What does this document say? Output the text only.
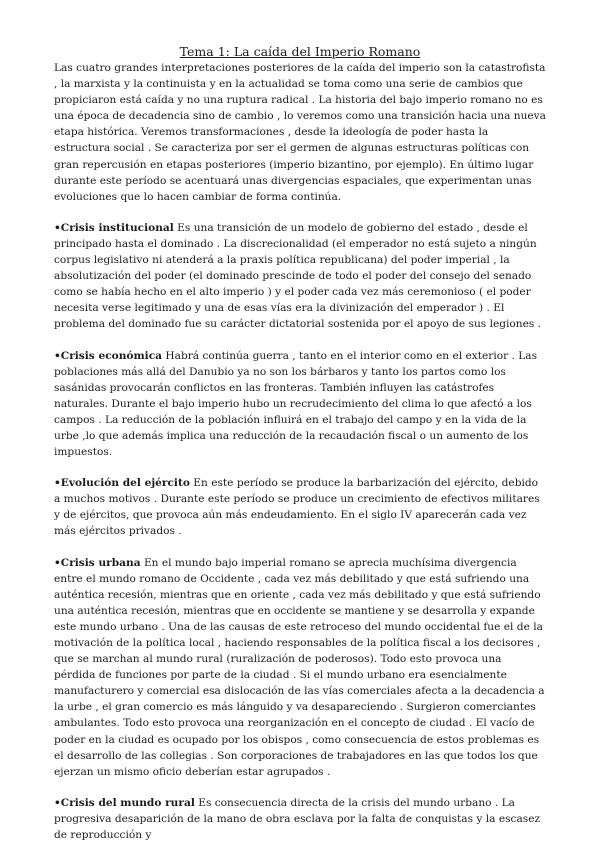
Tema 1: La caída del Imperio Romano

Las cuatro grandes interpretaciones posteriores de la caída del imperio son la catastrofista , la marxista y la continuista y en la actualidad se toma como una serie de cambios que propiciaron está caída y no una ruptura radical . La historia del bajo imperio romano no es una época de decadencia sino de cambio , lo veremos como una transición hacia una nueva etapa histórica. Veremos transformaciones , desde la ideología de poder hasta la estructura social . Se caracteriza por ser el germen de algunas estructuras políticas con gran repercusión en etapas posteriores (imperio bizantino, por ejemplo). En último lugar durante este período se acentuará unas divergencias espaciales, que experimentan unas evoluciones que lo hacen cambiar de forma continúa.

•Crisis institucional Es una transición de un modelo de gobierno del estado , desde el principado hasta el dominado . La discrecionalidad (el emperador no está sujeto a ningún corpus legislativo ni atenderá a la praxis política republicana) del poder imperial , la absolutización del poder (el dominado prescinde de todo el poder del consejo del senado como se había hecho en el alto imperio ) y el poder cada vez más ceremonioso ( el poder necesita verse legitimado y una de esas vías era la divinización del emperador ) . El problema del dominado fue su carácter dictatorial sostenida por el apoyo de sus legiones .

•Crisis económica Habrá continúa guerra , tanto en el interior como en el exterior . Las poblaciones más allá del Danubio ya no son los bárbaros y tanto los partos como los sasánidas provocarán conflictos en las fronteras. También influyen las catástrofes naturales. Durante el bajo imperio hubo un recrudecimiento del clima lo que afectó a los campos . La reducción de la población influirá en el trabajo del campo y en la vida de la urbe ,lo que además implica una reducción de la recaudación fiscal o un aumento de los impuestos.

•Evolución del ejército En este período se produce la barbarización del ejército, debido a muchos motivos . Durante este período se produce un crecimiento de efectivos militares y de ejércitos, que provoca aún más endeudamiento. En el siglo IV aparecerán cada vez más ejércitos privados .

•Crisis urbana En el mundo bajo imperial romano se aprecia muchísima divergencia entre el mundo romano de Occidente , cada vez más debilitado y que está sufriendo una auténtica recesión, mientras que en oriente , cada vez más debilitado y que está sufriendo una auténtica recesión, mientras que en occidente se mantiene y se desarrolla y expande este mundo urbano . Una de las causas de este retroceso del mundo occidental fue el de la motivación de la política local , haciendo responsables de la política fiscal a los decisores , que se marchan al mundo rural (ruralización de poderosos). Todo esto provoca una pérdida de funciones por parte de la ciudad . Si el mundo urbano era esencialmente manufacturero y comercial esa dislocación de las vías comerciales afecta a la decadencia a la urbe , el gran comercio es más lánguido y va desapareciendo . Surgieron comerciantes ambulantes. Todo esto provoca una reorganización en el concepto de ciudad . El vacío de poder en la ciudad es ocupado por los obispos , como consecuencia de estos problemas es el desarrollo de las collegias . Son corporaciones de trabajadores en las que todos los que ejerzan un mismo oficio deberían estar agrupados .

•Crisis del mundo rural Es consecuencia directa de la crisis del mundo urbano . La progresiva desaparición de la mano de obra esclava por la falta de conquistas y la escasez de reproducción y
